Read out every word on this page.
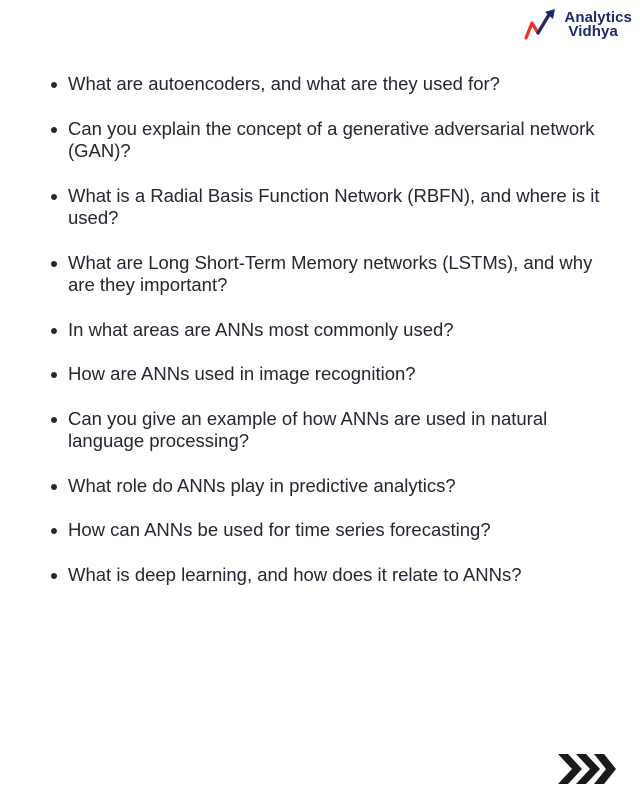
Analytics
Vidhya
What are autoencoders, and what are they used for?
Can you explain the concept of a generative adversarial network (GAN)?
What is a Radial Basis Function Network (RBFN), and where is it used?
What are Long Short-Term Memory networks (LSTMs), and why are they important?
In what areas are ANNs most commonly used?
How are ANNs used in image recognition?
Can you give an example of how ANNs are used in natural language processing?
What role do ANNs play in predictive analytics?
How can ANNs be used for time series forecasting?
What is deep learning, and how does it relate to ANNs?
